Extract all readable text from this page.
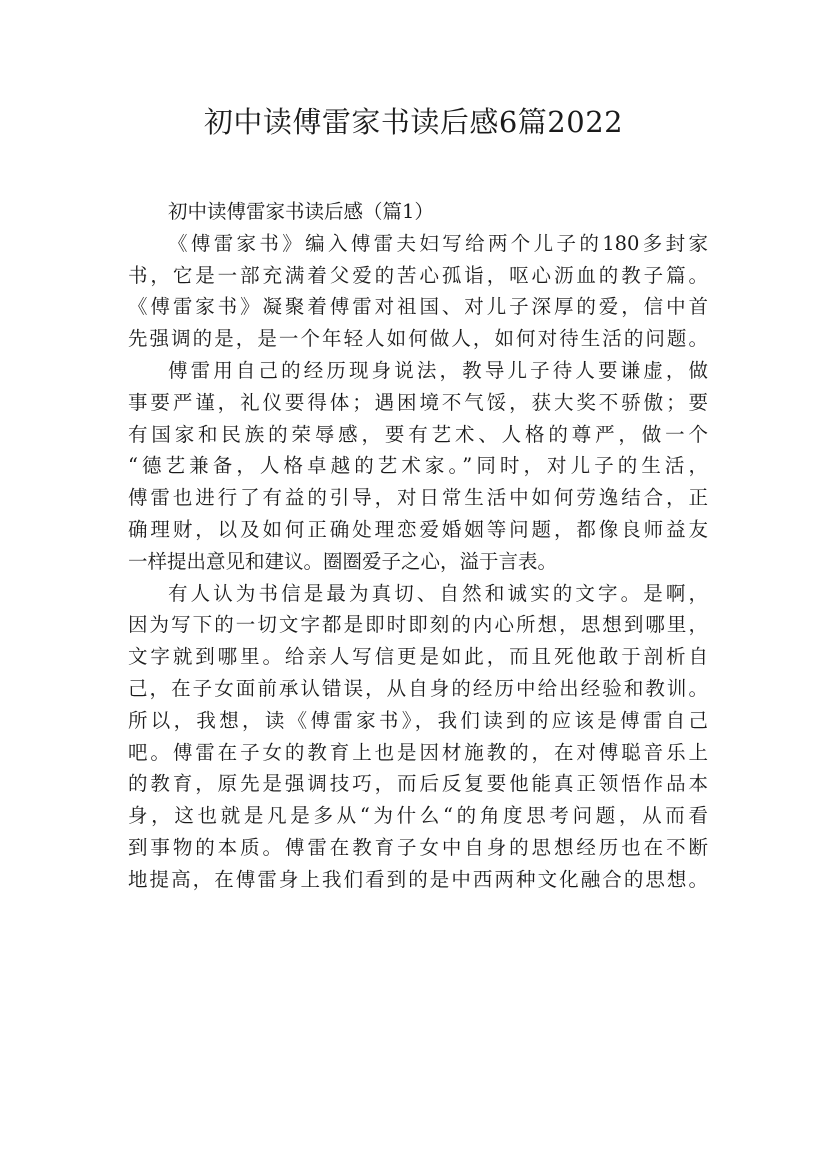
初中读傅雷家书读后感6篇2022
初中读傅雷家书读后感（篇1）
《傅雷家书》编入傅雷夫妇写给两个儿子的180多封家
书，它是一部充满着父爱的苦心孤诣，呕心沥血的教子篇。
《傅雷家书》凝聚着傅雷对祖国、对儿子深厚的爱，信中首
先强调的是，是一个年轻人如何做人，如何对待生活的问题。
傅雷用自己的经历现身说法，教导儿子待人要谦虚，做
事要严谨，礼仪要得体；遇困境不气馁，获大奖不骄傲；要
有国家和民族的荣辱感，要有艺术、人格的尊严，做一个
“德艺兼备，人格卓越的艺术家。”同时，对儿子的生活，
傅雷也进行了有益的引导，对日常生活中如何劳逸结合，正
确理财，以及如何正确处理恋爱婚姻等问题，都像良师益友
一样提出意见和建议。圈圈爱子之心，溢于言表。
有人认为书信是最为真切、自然和诚实的文字。是啊，
因为写下的一切文字都是即时即刻的内心所想，思想到哪里，
文字就到哪里。给亲人写信更是如此，而且死他敢于剖析自
己，在子女面前承认错误，从自身的经历中给出经验和教训。
所以，我想，读《傅雷家书》，我们读到的应该是傅雷自己
吧。傅雷在子女的教育上也是因材施教的，在对傅聪音乐上
的教育，原先是强调技巧，而后反复要他能真正领悟作品本
身，这也就是凡是多从“为什么“的角度思考问题，从而看
到事物的本质。傅雷在教育子女中自身的思想经历也在不断
地提高，在傅雷身上我们看到的是中西两种文化融合的思想。
